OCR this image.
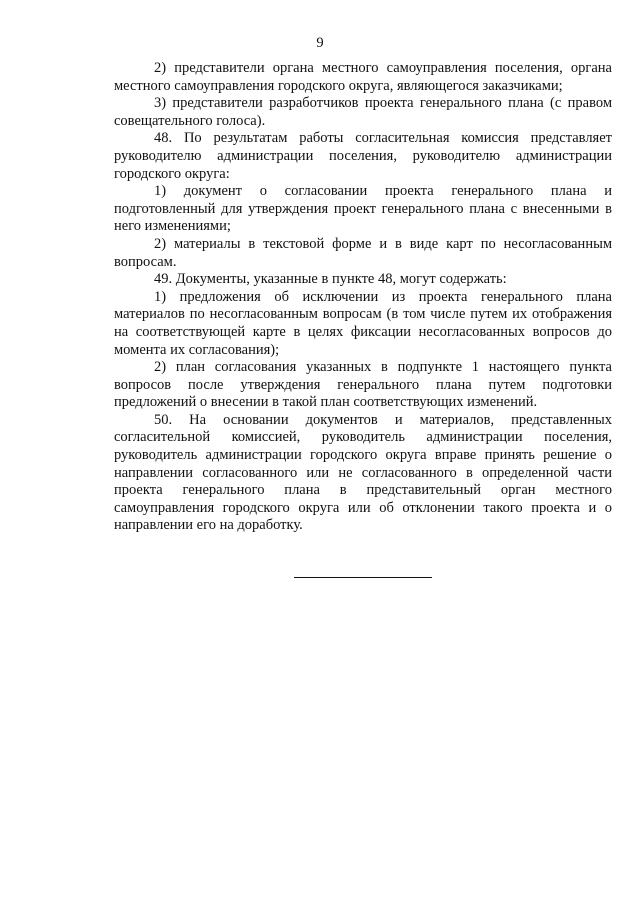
9

2) представители органа местного самоуправления поселения, органа местного самоуправления городского округа, являющегося заказчиками;

3) представители разработчиков проекта генерального плана (с правом совещательного голоса).

48. По результатам работы согласительная комиссия представляет руководителю администрации поселения, руководителю администрации городского округа:

1) документ о согласовании проекта генерального плана и подготовленный для утверждения проект генерального плана с внесенными в него изменениями;

2) материалы в текстовой форме и в виде карт по несогласованным вопросам.

49. Документы, указанные в пункте 48, могут содержать:

1) предложения об исключении из проекта генерального плана материалов по несогласованным вопросам (в том числе путем их отображения на соответствующей карте в целях фиксации несогласованных вопросов до момента их согласования);

2) план согласования указанных в подпункте 1 настоящего пункта вопросов после утверждения генерального плана путем подготовки предложений о внесении в такой план соответствующих изменений.

50. На основании документов и материалов, представленных согласительной комиссией, руководитель администрации поселения, руководитель администрации городского округа вправе принять решение о направлении согласованного или не согласованного в определенной части проекта генерального плана в представительный орган местного самоуправления городского округа или об отклонении такого проекта и о направлении его на доработку.
